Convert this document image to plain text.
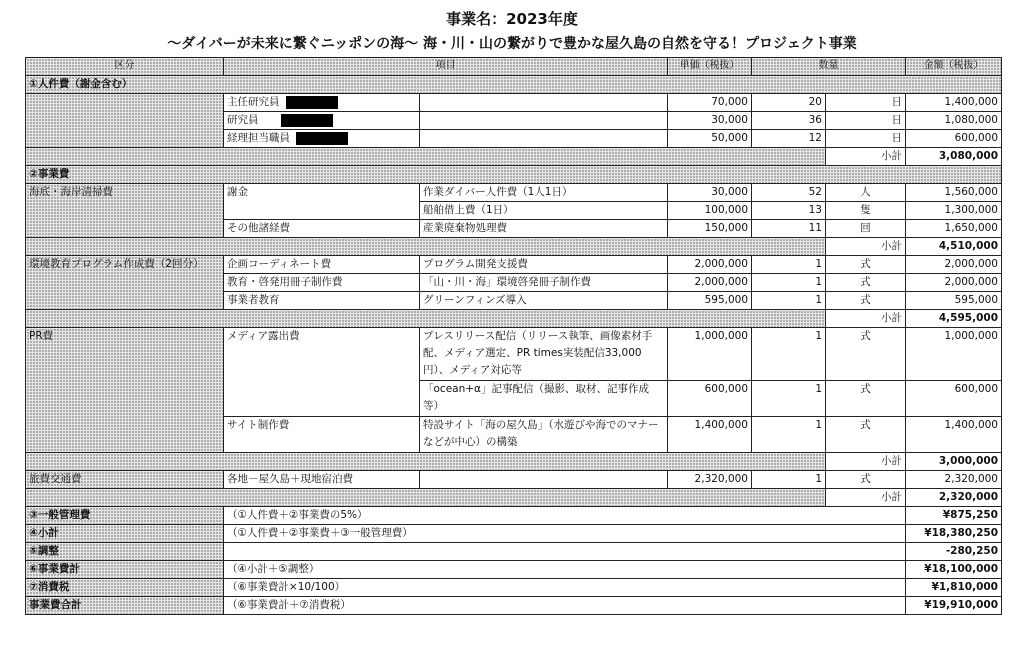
事業名：2023年度
～ダイバーが未来に繋ぐニッポンの海～ 海・川・山の繋がりで豊かな屋久島の自然を守る！プロジェクト事業
区分	項目		単価（税抜）	数量		金額（税抜）
①人件費（謝金含む）						
	主任研究員		70,000	20	日	1,400,000
	研究員		30,000	36	日	1,080,000
	経理担当職員		50,000	12	日	600,000
					小計	3,080,000
②事業費						
海底・海岸清掃費	謝金	作業ダイバー人件費（1人1日）	30,000	52	人	1,560,000
		船舶借上費（1日）	100,000	13	隻	1,300,000
	その他諸経費	産業廃棄物処理費	150,000	11	回	1,650,000
					小計	4,510,000
環境教育プログラム作成費（2回分）	企画コーディネート費	プログラム開発支援費	2,000,000	1	式	2,000,000
	教育・啓発用冊子制作費	「山・川・海」環境啓発冊子制作費	2,000,000	1	式	2,000,000
	事業者教育	グリーンフィンズ導入	595,000	1	式	595,000
					小計	4,595,000
PR費	メディア露出費	プレスリリース配信（リリース執筆、画像素材手配、メディア選定、PR times実装配信33,000円）、メディア対応等	1,000,000	1	式	1,000,000
		「ocean+α」記事配信（撮影、取材、記事作成等）	600,000	1	式	600,000
	サイト制作費	特設サイト「海の屋久島」（水遊びや海でのマナーなどが中心）の構築	1,400,000	1	式	1,400,000
					小計	3,000,000
旅費交通費	各地－屋久島＋現地宿泊費		2,320,000	1	式	2,320,000
					小計	2,320,000
③一般管理費	（①人件費＋②事業費の5%）					¥875,250
④小計	（①人件費＋②事業費＋③一般管理費）					¥18,380,250
⑤調整						-280,250
⑥事業費計	（④小計＋⑤調整）					¥18,100,000
⑦消費税	（⑥事業費計×10/100）					¥1,810,000
事業費合計	（⑥事業費計＋⑦消費税）					¥19,910,000
